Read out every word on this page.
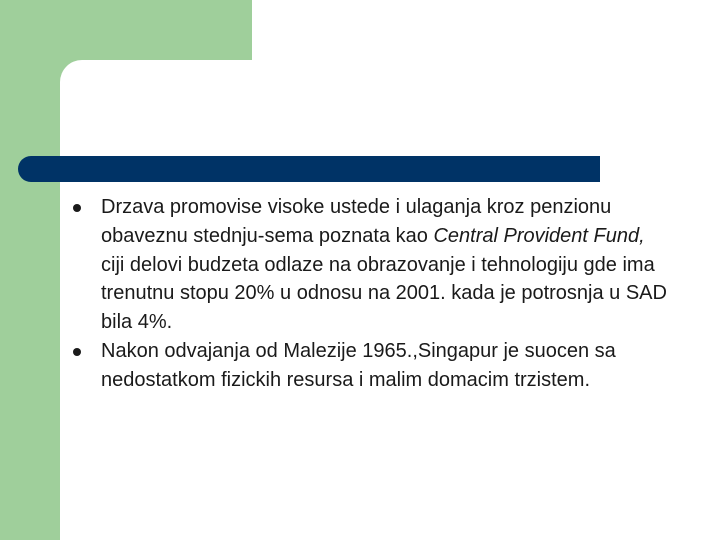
Drzava promovise visoke ustede i ulaganja kroz penzionu obaveznu stednju-sema poznata kao Central Provident Fund, ciji delovi budzeta odlaze na obrazovanje i tehnologiju gde ima trenutnu stopu 20% u odnosu na 2001. kada je potrosnja u SAD bila 4%.
Nakon odvajanja od Malezije 1965.,Singapur je suocen sa nedostatkom fizickih resursa i malim domacim trzistem.
